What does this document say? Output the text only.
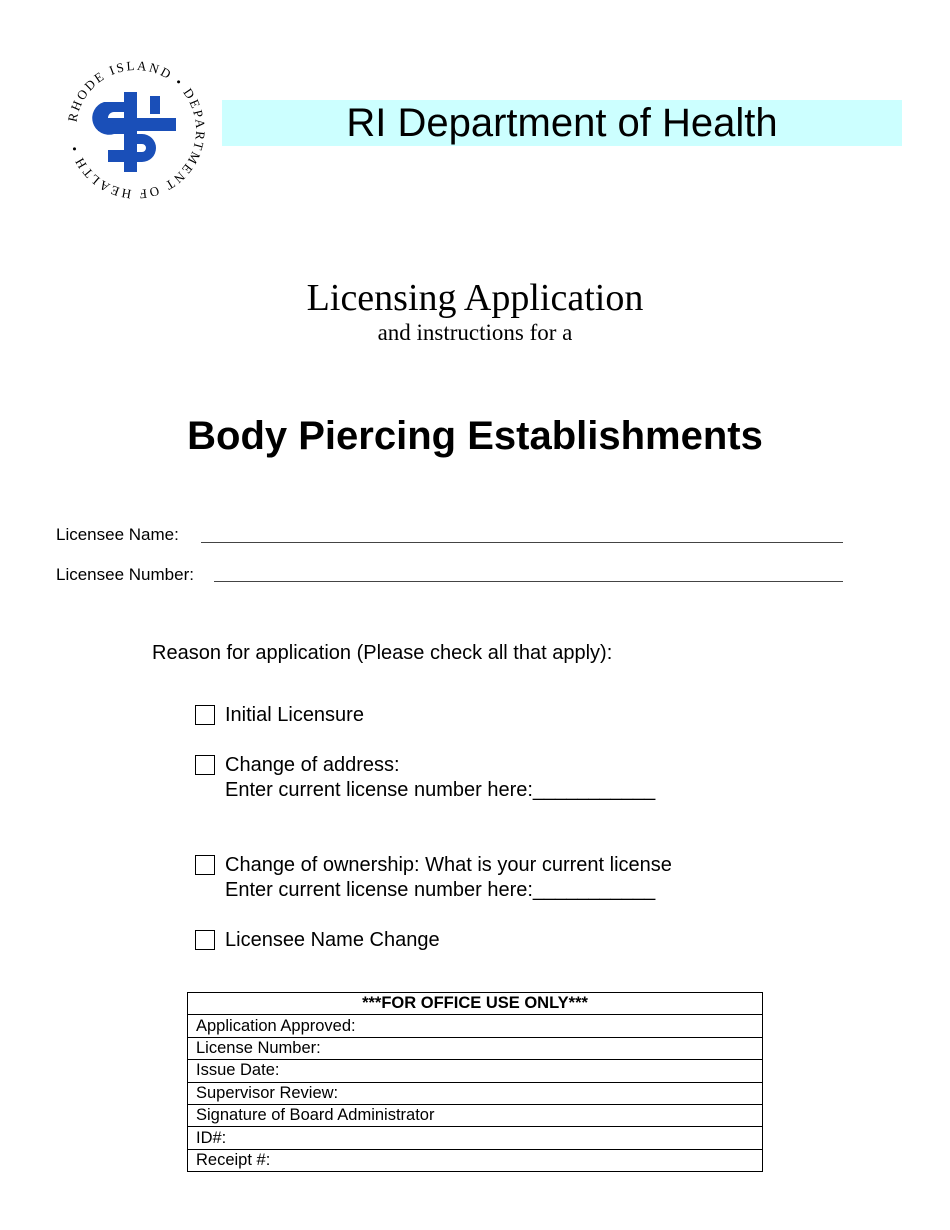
RHODE ISLAND • DEPARTMENT OF HEALTH •
RI Department of Health
Licensing Application
and instructions for a
Body Piercing Establishments
Licensee Name:
Licensee Number:
Reason for application (Please check all that apply):
Initial Licensure
Change of address:
Enter current license number here:___________
Change of ownership: What is your current license
Enter current license number here:___________
Licensee Name Change
***FOR OFFICE USE ONLY***
Application Approved:
License Number:
Issue Date:
Supervisor Review:
Signature of Board Administrator
ID#:
Receipt #:
